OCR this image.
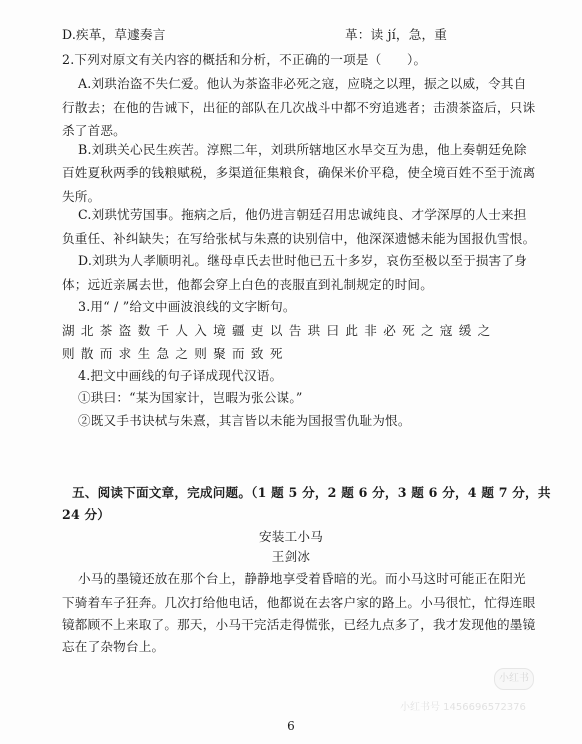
D.疾革，草遽奏言	革：读 jí，急，重
2.下列对原文有关内容的概括和分析，不正确的一项是（　　）。
A.刘珙治盗不失仁爱。他认为茶盗非必死之寇，应晓之以理，振之以威，令其自
行散去；在他的告诫下，出征的部队在几次战斗中都不穷追逃者；击溃茶盗后，只诛
杀了首恶。
B.刘珙关心民生疾苦。淳熙二年，刘珙所辖地区水旱交互为患，他上奏朝廷免除
百姓夏秋两季的钱粮赋税，多渠道征集粮食，确保米价平稳，使全境百姓不至于流离
失所。
C.刘珙忧劳国事。拖病之后，他仍进言朝廷召用忠诚纯良、才学深厚的人士来担
负重任、补纠缺失；在写给张栻与朱熹的诀别信中，他深深遗憾未能为国报仇雪恨。
D.刘珙为人孝顺明礼。继母卓氏去世时他已五十多岁，哀伤至极以至于损害了身
体；远近亲属去世，他都会穿上白色的丧服直到礼制规定的时间。
3.用“ / ”给文中画波浪线的文字断句。
湖北茶盗数千人入境疆吏以告珙曰此非必死之寇缓之
则散而求生急之则聚而致死
4.把文中画线的句子译成现代汉语。
①珙曰：“某为国家计，岂暇为张公谋。”
②既又手书诀栻与朱熹，其言皆以未能为国报雪仇耻为恨。
五、阅读下面文章，完成问题。（1 题 5 分，2 题 6 分，3 题 6 分，4 题 7 分，共
24 分）
安装工小马
王剑冰
小马的墨镜还放在那个台上，静静地享受着昏暗的光。而小马这时可能正在阳光
下骑着车子狂奔。几次打给他电话，他都说在去客户家的路上。小马很忙，忙得连眼
镜都顾不上来取了。那天，小马干完活走得慌张，已经九点多了，我才发现他的墨镜
忘在了杂物台上。
小红书
小红书号 1456696572376
6
